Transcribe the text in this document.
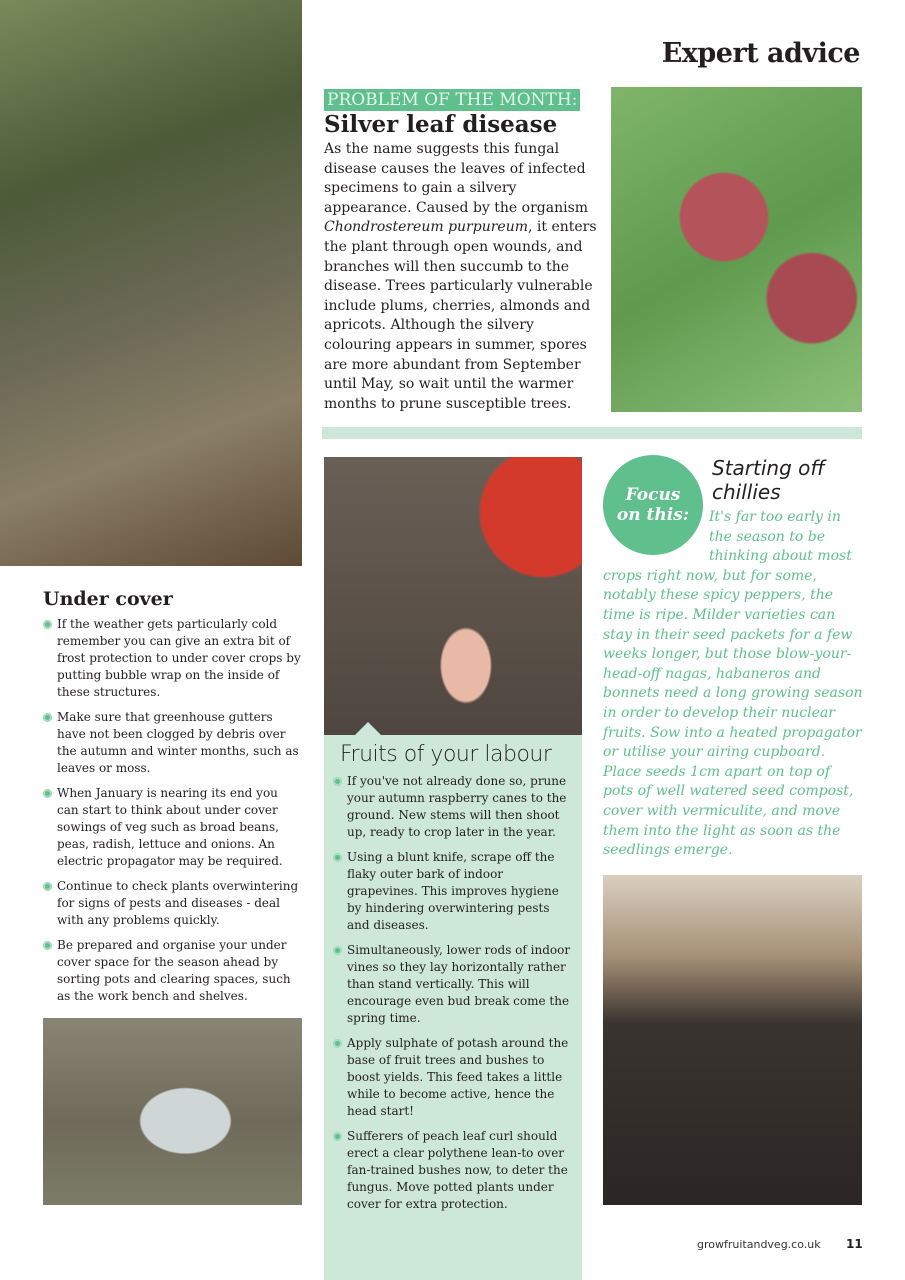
Expert advice
PROBLEM OF THE MONTH:
Silver leaf disease
As the name suggests this fungal disease causes the leaves of infected specimens to gain a silvery appearance. Caused by the organism Chondrostereum purpureum, it enters the plant through open wounds, and branches will then succumb to the disease. Trees particularly vulnerable include plums, cherries, almonds and apricots. Although the silvery colouring appears in summer, spores are more abundant from September until May, so wait until the warmer months to prune susceptible trees.
Under cover
If the weather gets particularly cold remember you can give an extra bit of frost protection to under cover crops by putting bubble wrap on the inside of these structures.
Make sure that greenhouse gutters have not been clogged by debris over the autumn and winter months, such as leaves or moss.
When January is nearing its end you can start to think about under cover sowings of veg such as broad beans, peas, radish, lettuce and onions. An electric propagator may be required.
Continue to check plants overwintering for signs of pests and diseases - deal with any problems quickly.
Be prepared and organise your under cover space for the season ahead by sorting pots and clearing spaces, such as the work bench and shelves.
Fruits of your labour
If you've not already done so, prune your autumn raspberry canes to the ground. New stems will then shoot up, ready to crop later in the year.
Using a blunt knife, scrape off the flaky outer bark of indoor grapevines. This improves hygiene by hindering overwintering pests and diseases.
Simultaneously, lower rods of indoor vines so they lay horizontally rather than stand vertically. This will encourage even bud break come the spring time.
Apply sulphate of potash around the base of fruit trees and bushes to boost yields. This feed takes a little while to become active, hence the head start!
Sufferers of peach leaf curl should erect a clear polythene lean-to over fan-trained bushes now, to deter the fungus. Move potted plants under cover for extra protection.
Focus
on this:
Starting off chillies
It's far too early in the season to be thinking about most crops right now, but for some, notably these spicy peppers, the time is ripe. Milder varieties can stay in their seed packets for a few weeks longer, but those blow-your-head-off nagas, habaneros and bonnets need a long growing season in order to develop their nuclear fruits. Sow into a heated propagator or utilise your airing cupboard. Place seeds 1cm apart on top of pots of well watered seed compost, cover with vermiculite, and move them into the light as soon as the seedlings emerge.
growfruitandveg.co.uk 11
